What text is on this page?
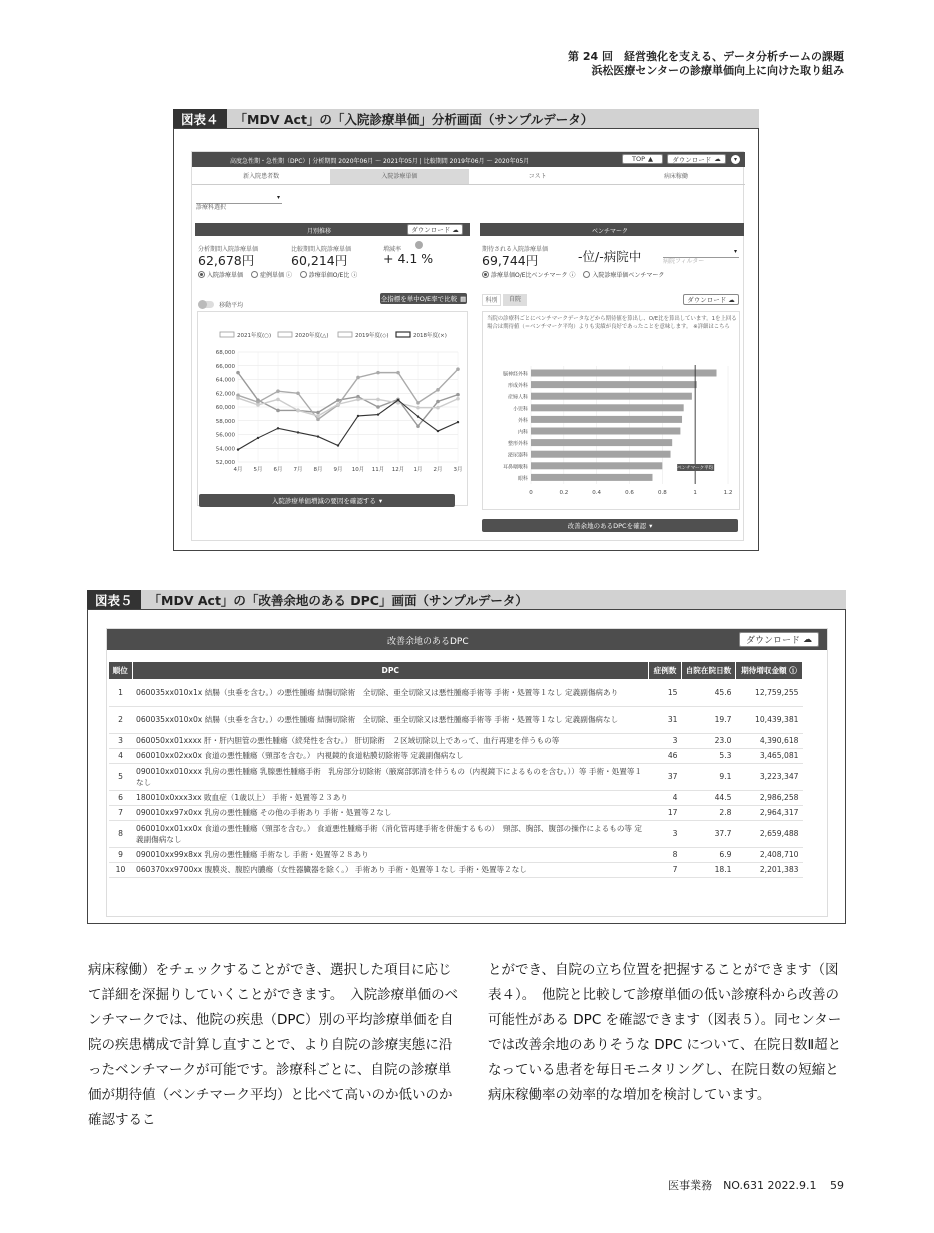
第 24 回　経営強化を支える、データ分析チームの課題
浜松医療センターの診療単価向上に向けた取り組み
図表４	「MDV Act」の「入院診療単価」分析画面（サンプルデータ）
高度急性期・急性期（DPC）| 分析期間 2020年06月 ～ 2021年05月 | 比較期間 2019年06月 ～ 2020年05月	TOP ▲	ダウンロード ☁	▾
新入院患者数	入院診療単価	コスト	病床稼働
診療科選択
▾
月別推移	ダウンロード ☁
分析期間入院診療単価
62,678円
比較期間入院診療単価
60,214円
増減率
+ 4.1 %
入院診療単価	症例単価 ⓘ	診療単価O/E比 ⓘ
移動平均
全指標を単中O/E率で比較 ▦
2021年度(○)	2020年度(△)	2019年度(◇)	2018年度(×)
68,000
66,000
64,000
62,000
60,000
58,000
56,000
54,000
52,000
4月 5月 6月 7月 8月 9月 10月 11月 12月 1月 2月 3月
入院診療単価増減の要因を確認する ▾
ベンチマーク
期待される入院診療単価
69,744円	-位/-病院中	病院フィルター
▾
診療単価O/E比ベンチマーク ⓘ	入院診療単価ベンチマーク
科別	自院	ダウンロード ☁
当院の診療科ごとにベンチマークデータなどから期待値を算出し、O/E比を算出しています。1を上回る場合は期待値（＝ベンチマーク平均）よりも実績が良好であったことを意味します。 ※詳細はこちら
0	0.2	0.4	0.6	0.8	1	1.2
脳神経外科
形成外科
産婦人科
小児科
外科
内科
整形外科
泌尿器科
耳鼻咽喉科
眼科
ベンチマーク平均
改善余地のあるDPCを確認 ▾
図表５	「MDV Act」の「改善余地のある DPC」画面（サンプルデータ）
改善余地のあるDPC	ダウンロード ☁
順位	DPC	症例数	自院在院日数	期待増収金額 ⓘ
1	060035xx010x1x 結腸（虫垂を含む。）の悪性腫瘍 結腸切除術　全切除、亜全切除又は悪性腫瘍手術等 手術・処置等１なし 定義副傷病あり	15	45.6	12,759,255
2	060035xx010x0x 結腸（虫垂を含む。）の悪性腫瘍 結腸切除術　全切除、亜全切除又は悪性腫瘍手術等 手術・処置等１なし 定義副傷病なし	31	19.7	10,439,381
3	060050xx01xxxx 肝・肝内胆管の悪性腫瘍（続発性を含む。） 肝切除術　２区域切除以上であって、血行再建を伴うもの等	3	23.0	4,390,618
4	060010xx02xx0x 食道の悪性腫瘍（頸部を含む。） 内視鏡的食道粘膜切除術等 定義副傷病なし	46	5.3	3,465,081
5	090010xx010xxx 乳房の悪性腫瘍 乳腺悪性腫瘍手術　乳房部分切除術（腋窩部郭清を伴うもの（内視鏡下によるものを含む。））等 手術・処置等１なし	37	9.1	3,223,347
6	180010x0xxx3xx 敗血症（1歳以上） 手術・処置等２３あり	4	44.5	2,986,258
7	090010xx97x0xx 乳房の悪性腫瘍 その他の手術あり 手術・処置等２なし	17	2.8	2,964,317
8	060010xx01xx0x 食道の悪性腫瘍（頸部を含む。） 食道悪性腫瘍手術（消化管再建手術を併施するもの）　頸部、胸部、腹部の操作によるもの等 定義副傷病なし	3	37.7	2,659,488
9	090010xx99x8xx 乳房の悪性腫瘍 手術なし 手術・処置等２８あり	8	6.9	2,408,710
10	060370xx9700xx 腹膜炎、腹腔内膿瘍（女性器臓器を除く。） 手術あり 手術・処置等１なし 手術・処置等２なし	7	18.1	2,201,383

病床稼働）をチェックすることができ、選択した項目に応じて詳細を深掘りしていくことができます。　入院診療単価のベンチマークでは、他院の疾患（DPC）別の平均診療単価を自院の疾患構成で計算し直すことで、より自院の診療実態に沿ったベンチマークが可能です。診療科ごとに、自院の診療単価が期待値（ベンチマーク平均）と比べて高いのか低いのか確認するこ

とができ、自院の立ち位置を把握することができます（図表４）。　他院と比較して診療単価の低い診療科から改善の可能性がある DPC を確認できます（図表５）。同センターでは改善余地のありそうな DPC について、在院日数Ⅱ超となっている患者を毎日モニタリングし、在院日数の短縮と病床稼働率の効率的な増加を検討しています。

医事業務　NO.631 2022.9.1 59
